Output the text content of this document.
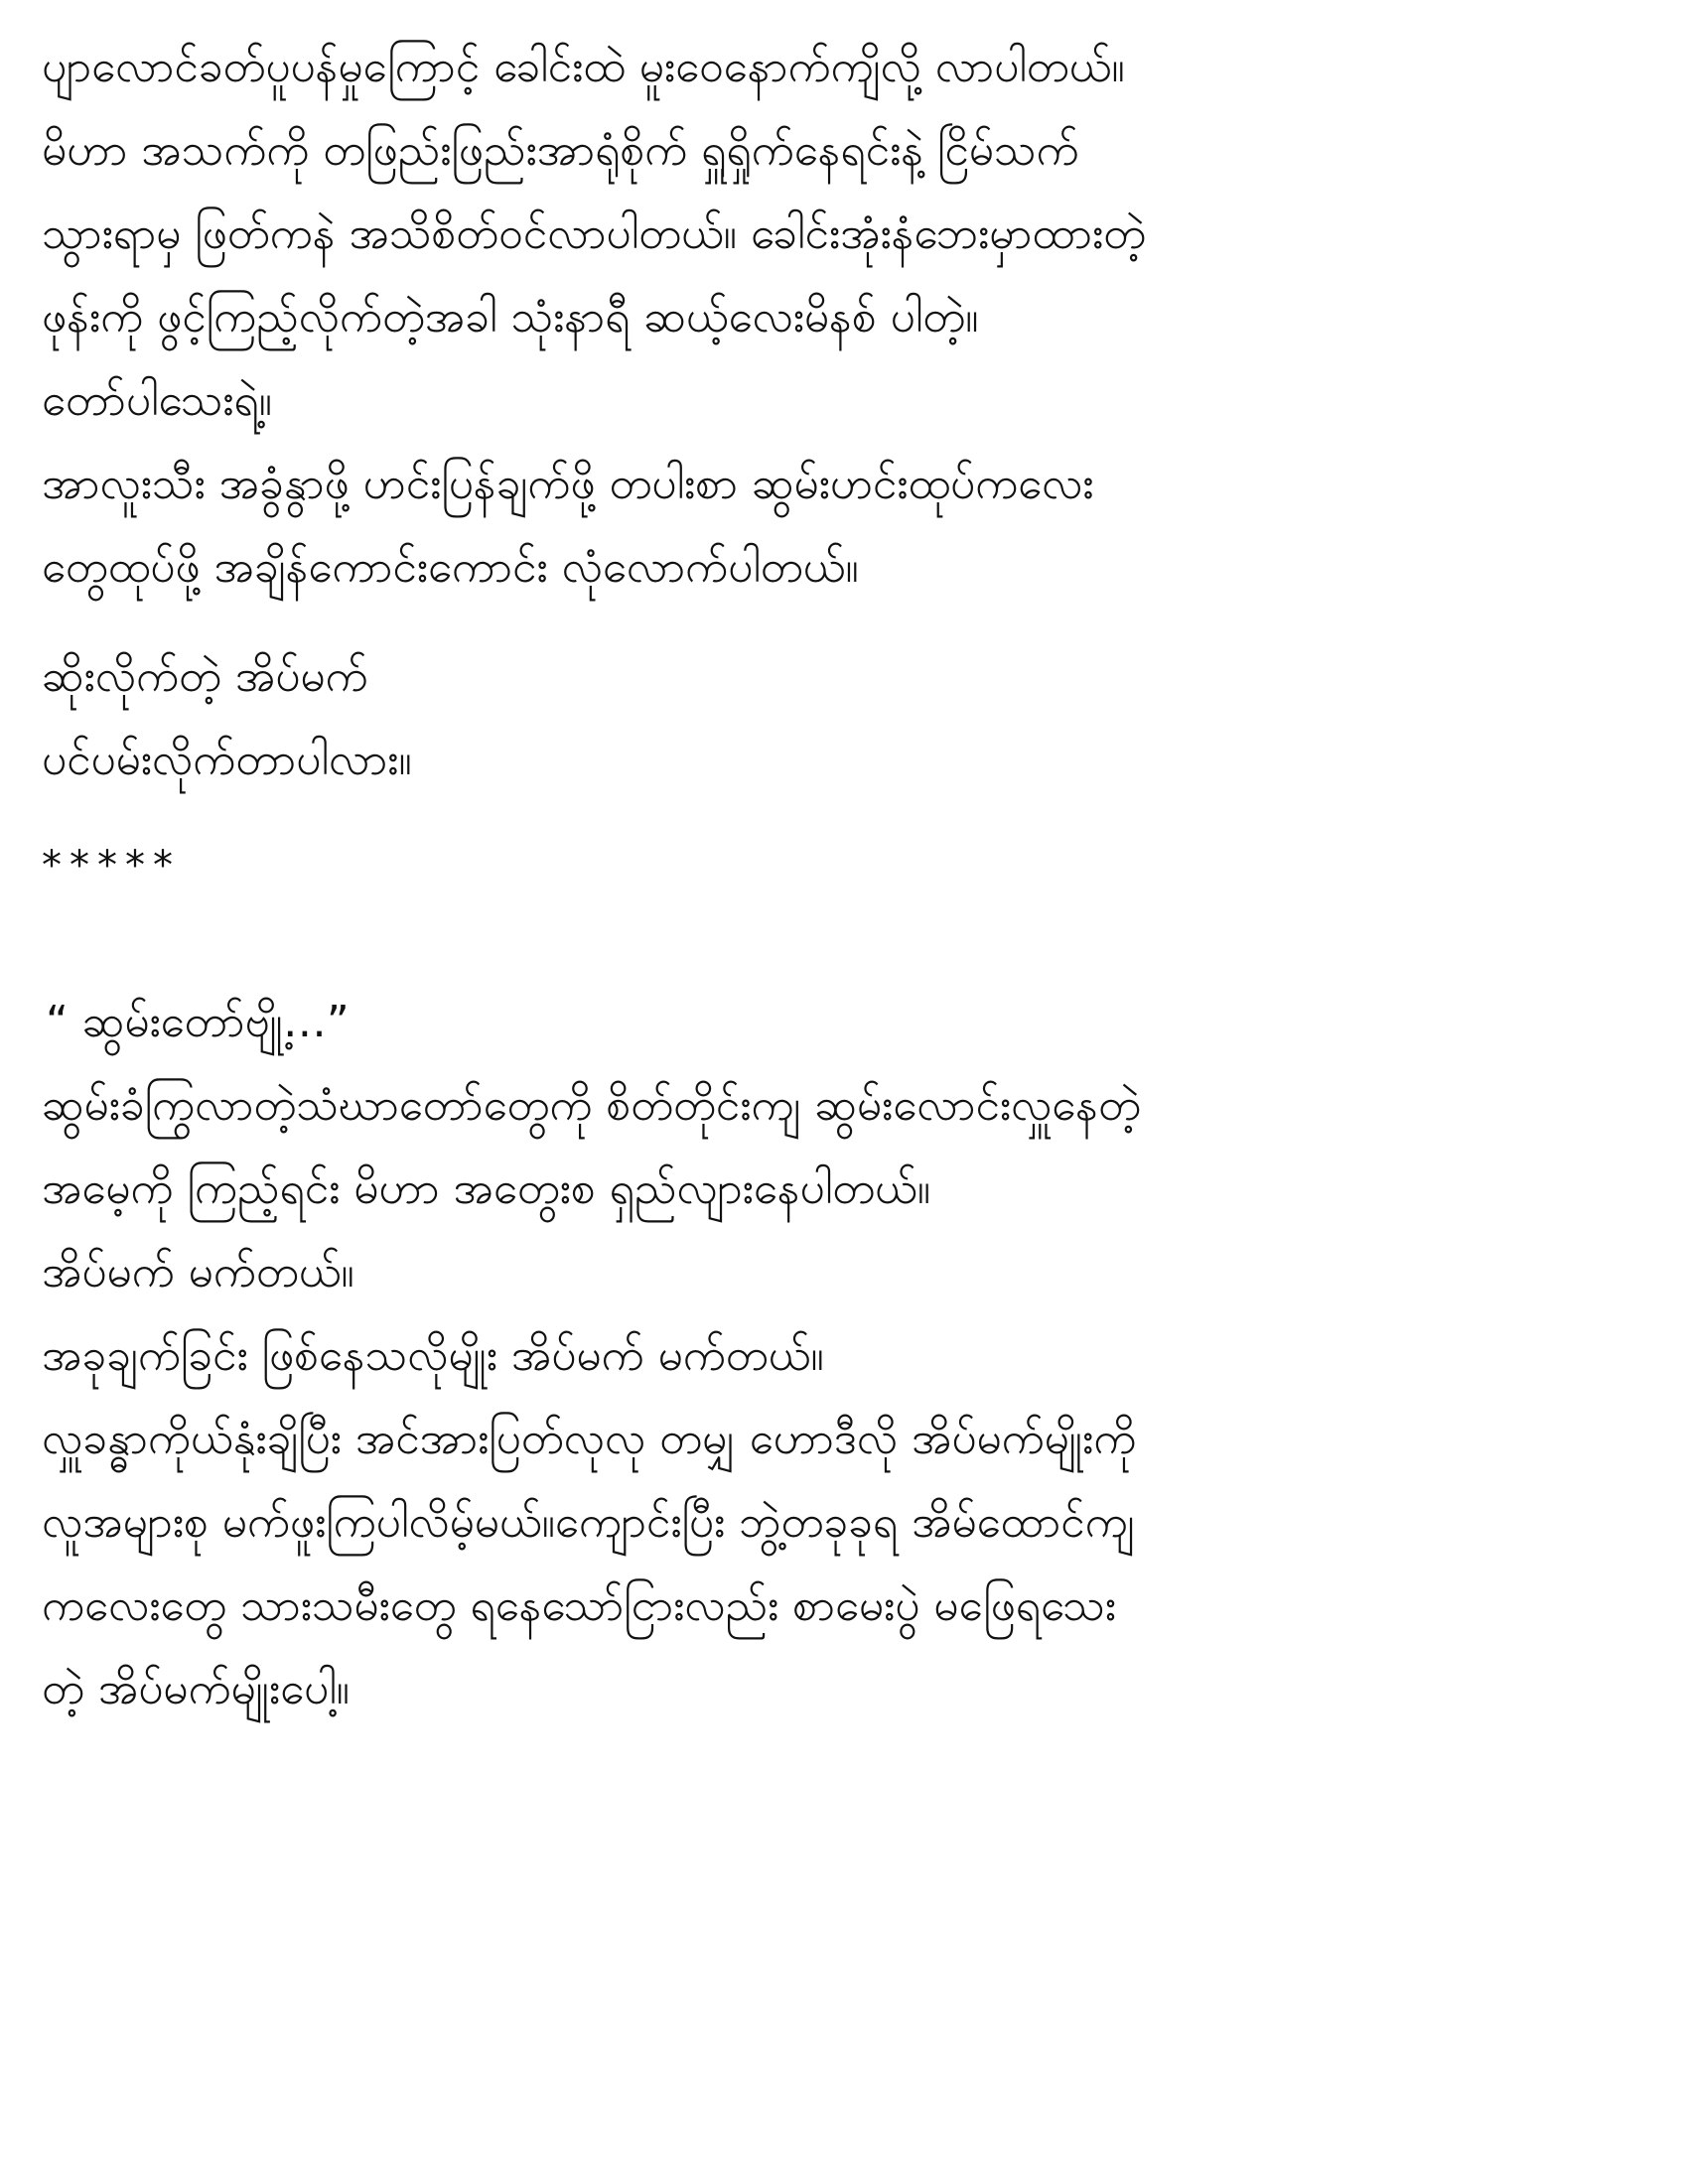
ပျာလောင်ခတ်ပူပန်မှုကြောင့် ခေါင်းထဲ မူးဝေနောက်ကျိလို့ လာပါတယ်။
မိဟာ အသက်ကို တဖြည်းဖြည်းအာရုံစိုက် ရှူရှိုက်နေရင်းနဲ့ ငြိမ်သက်
သွားရာမှ ဖြတ်ကနဲ အသိစိတ်ဝင်လာပါတယ်။ ခေါင်းအုံးနံဘေးမှာထားတဲ့
ဖုန်းကို ဖွင့်ကြည့်လိုက်တဲ့အခါ သုံးနာရီ ဆယ့်လေးမိနစ် ပါတဲ့။
တော်ပါသေးရဲ့။
အာလူးသီး အခွံနွာဖို့ ဟင်းပြန်ချက်ဖို့ တပါးစာ ဆွမ်းဟင်းထုပ်ကလေး
တွေထုပ်ဖို့ အချိန်ကောင်းကောင်း လုံလောက်ပါတယ်။
ဆိုးလိုက်တဲ့ အိပ်မက်
ပင်ပမ်းလိုက်တာပါလား။
*****
“ ဆွမ်းတော်ဗျို့…”
ဆွမ်းခံကြွလာတဲ့သံဃာတော်တွေကို စိတ်တိုင်းကျ ဆွမ်းလောင်းလှူနေတဲ့
အမေ့ကို ကြည့်ရင်း မိဟာ အတွေးစ ရှည်လျားနေပါတယ်။
အိပ်မက် မက်တယ်။
အခုချက်ခြင်း ဖြစ်နေသလိုမျိုး အိပ်မက် မက်တယ်။
လှူခန္ဓာကိုယ်နုံးချိပြီး အင်အားပြတ်လုလု တမျှ ဟောဒီလို အိပ်မက်မျိုးကို
လူအများစု မက်ဖူးကြပါလိမ့်မယ်။ကျောင်းပြီး ဘွဲ့တခုခုရ အိမ်ထောင်ကျ
ကလေးတွေ သားသမီးတွေ ရနေသော်ငြားလည်း စာမေးပွဲ မဖြေရသေး
တဲ့ အိပ်မက်မျိုးပေါ့။
